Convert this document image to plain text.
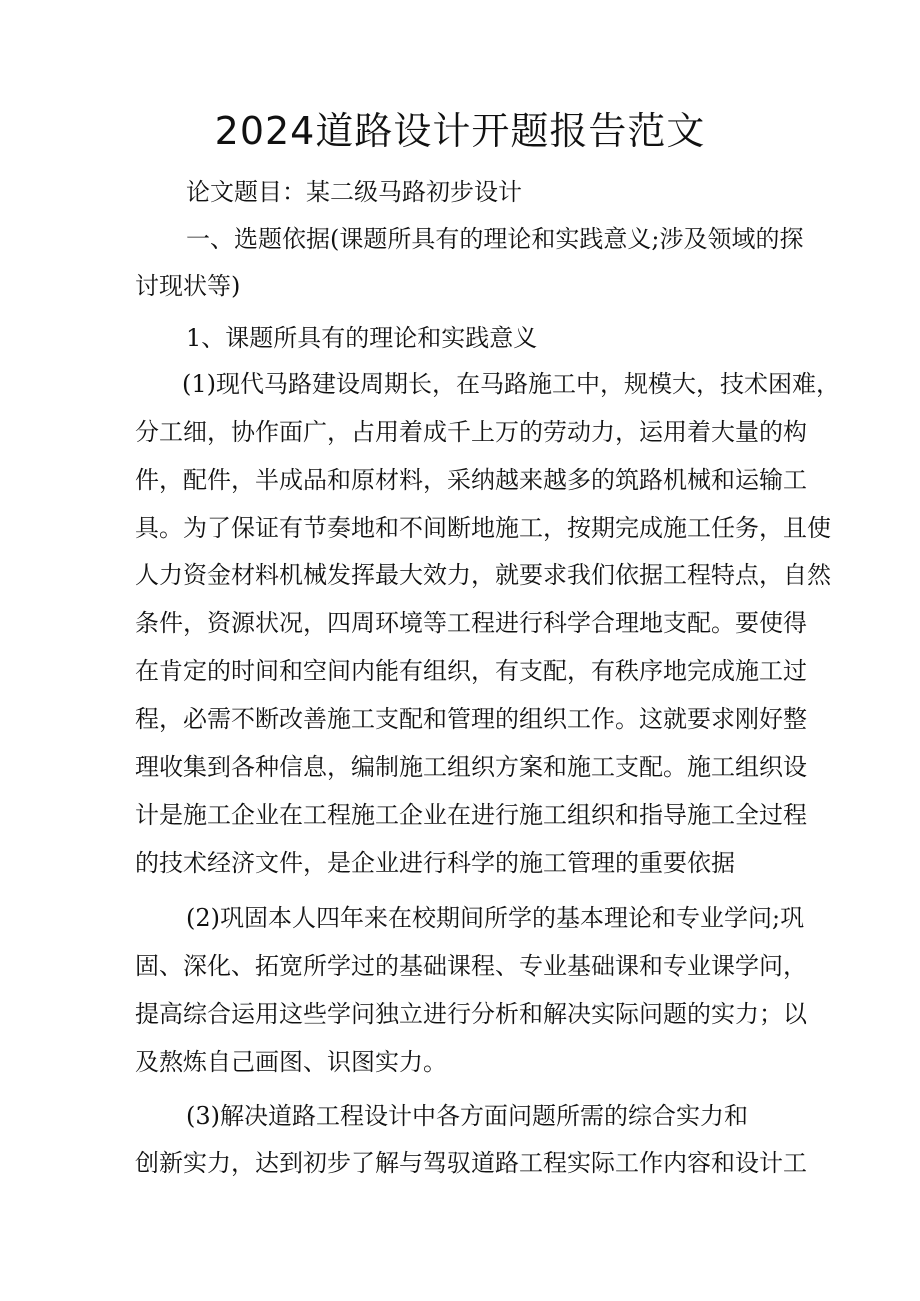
2024道路设计开题报告范文

论文题目：某二级马路初步设计

一、选题依据(课题所具有的理论和实践意义;涉及领域的探

讨现状等)

1、课题所具有的理论和实践意义

(1)现代马路建设周期长，在马路施工中，规模大，技术困难，

分工细，协作面广，占用着成千上万的劳动力，运用着大量的构

件，配件，半成品和原材料，采纳越来越多的筑路机械和运输工

具。为了保证有节奏地和不间断地施工，按期完成施工任务，且使

人力资金材料机械发挥最大效力，就要求我们依据工程特点，自然

条件，资源状况，四周环境等工程进行科学合理地支配。要使得

在肯定的时间和空间内能有组织，有支配，有秩序地完成施工过

程，必需不断改善施工支配和管理的组织工作。这就要求刚好整

理收集到各种信息，编制施工组织方案和施工支配。施工组织设

计是施工企业在工程施工企业在进行施工组织和指导施工全过程

的技术经济文件，是企业进行科学的施工管理的重要依据

(2)巩固本人四年来在校期间所学的基本理论和专业学问;巩

固、深化、拓宽所学过的基础课程、专业基础课和专业课学问，

提高综合运用这些学问独立进行分析和解决实际问题的实力；以

及熬炼自己画图、识图实力。

(3)解决道路工程设计中各方面问题所需的综合实力和

创新实力，达到初步了解与驾驭道路工程实际工作内容和设计工
